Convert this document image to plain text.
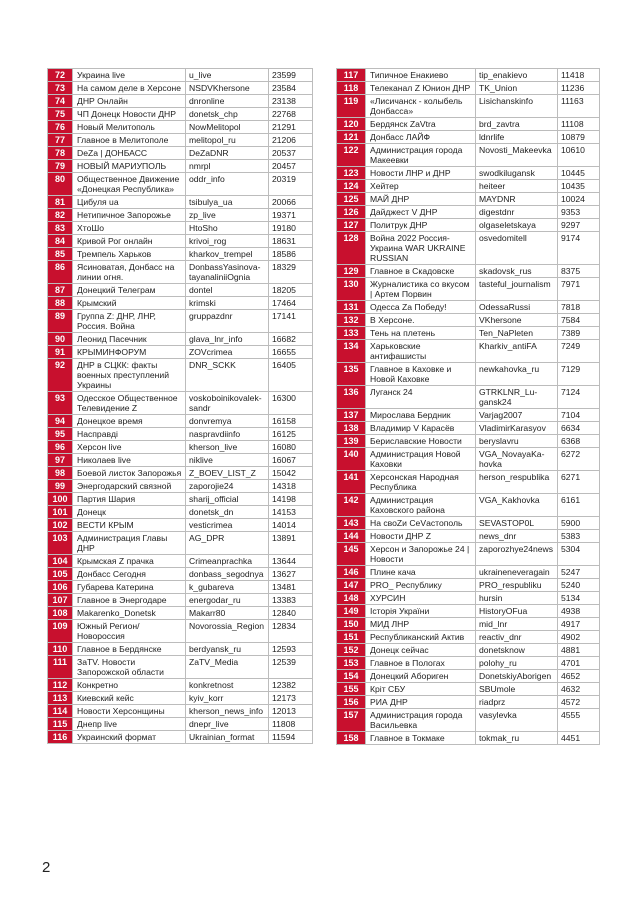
72	Украина live	u_live	23599
73	На самом деле в Херсоне	NSDVKhersone	23584
74	ДНР Онлайн	dnronline	23138
75	ЧП Донецк Новости ДНР	donetsk_chp	22768
76	Новый Мелитополь	NowMelitopol	21291
77	Главное в Мелитополе	melitopol_ru	21206
78	DeZa | ДОНБАСС	DeZaDNR	20537
79	НОВЫЙ МАРИУПОЛЬ	nmrpl	20457
80	Общественное Движение «Донецкая Республика»	oddr_info	20319
81	Цибуля ua	tsibulya_ua	20066
82	Нетипичное Запорожье	zp_live	19371
83	ХтоШо	HtoSho	19180
84	Кривой Рог онлайн	krivoi_rog	18631
85	Тремпель Харьков	kharkov_trempel	18586
86	Ясиноватая, Донбасс на линии огня.	DonbassYasinova-tayanaliniiOgnia	18329
87	Донецкий Телеграм	dontel	18205
88	Крымский	krimski	17464
89	Группа Z: ДНР, ЛНР, Россия. Война	gruppazdnr	17141
90	Леонид Пасечник	glava_lnr_info	16682
91	КРЫМИНФОРУМ	ZOVcrimea	16655
92	ДНР в СЦКК: факты военных преступлений Украины	DNR_SCKK	16405
93	Одесское Общественное Телевидение Z	voskoboinikovalek-sandr	16300
94	Донецкое время	donvremya	16158
95	Насправді	naspravdiinfo	16125
96	Херсон live	kherson_live	16080
97	Николаев live	niklive	16067
98	Боевой листок Запорожья	Z_BOEV_LIST_Z	15042
99	Энергодарский связной	zaporojie24	14318
100	Партия Шария	sharij_official	14198
101	Донецк	donetsk_dn	14153
102	ВЕСТИ КРЫМ	vesticrimea	14014
103	Администрация Главы ДНР	AG_DPR	13891
104	Крымская Z прачка	Crimeanprachka	13644
105	Донбасс Сегодня	donbass_segodnya	13627
106	Губарева Катерина	k_gubareva	13481
107	Главное в Энергодаре	energodar_ru	13383
108	Makarenko_Donetsk	Makarr80	12840
109	Южный Регион/ Новоросcия	Novorossia_Region	12834
110	Главное в Бердянске	berdyansk_ru	12593
111	ЗаTV. Новости Запорожской области	ZaTV_Media	12539
112	Конкретно	konkretnost	12382
113	Киевский кейс	kyiv_korr	12173
114	Новости Херсонщины	kherson_news_info	12013
115	Днепр live	dnepr_live	11808
116	Украинский формат	Ukrainian_format	11594
117	Типичное Енакиево	tip_enakievo	11418
118	Телеканал Z Юнион ДНР	TK_Union	11236
119	«Лисичанск - колыбель Донбасса»	Lisichanskinfo	11163
120	Бердянск ZаVtra	brd_zavtra	11108
121	Донбасс ЛАЙФ	ldnrlife	10879
122	Администрация города Макеевки	Novosti_Makeevka	10610
123	Новости ЛНР и ДНР	swodkilugansk	10445
124	Хейтер	heiteer	10435
125	МАЙ ДНР	MAYDNR	10024
126	Дайджест V ДНР	digestdnr	9353
127	Политрук ДНР	olgaseletskaya	9297
128	Война 2022 Россия-Украина WAR UKRAINE RUSSIAN	osvedomitell	9174
129	Главное в Скадовске	skadovsk_rus	8375
130	Журналистика со вкусом | Артем Порвин	tasteful_journalism	7971
131	Одесса Za Победу!	OdessaRussi	7818
132	В Херсоне.	VKhersone	7584
133	Тень на плетень	Ten_NaPleten	7389
134	Харьковские антифашисты	Kharkiv_antiFA	7249
135	Главное в Каховке и Новой Каховке	newkahovka_ru	7129
136	Луганск 24	GTRKLNR_Lu-gansk24	7124
137	Мирослава Бердник	Varjag2007	7104
138	Владимир V Карасёв	VladimirKarasyov	6634
139	Бериславские Новости	beryslavru	6368
140	Администрация Новой Каховки	VGA_NovayaKa-hovka	6272
141	Херсонская Народная Республика	herson_respublika	6271
142	Администрация Каховского района	VGA_Kakhovka	6161
143	На своZи СеVастополь	SEVASTOP0L	5900
144	Новости ДНР Z	news_dnr	5383
145	Херсон и Запорожье 24 | Новости	zaporozhye24news	5304
146	Плине кача	ukraineneveragain	5247
147	PRO_ Республику	PRO_respubliku	5240
148	ХУРСИН	hursin	5134
149	Історія України	HistoryOFua	4938
150	МИД ЛНР	mid_lnr	4917
151	Республиканский Актив	reactiv_dnr	4902
152	Донецк сейчас	donetsknow	4881
153	Главное в Пологах	polohy_ru	4701
154	Донецкий Абориген	DonetskiyAborigen	4652
155	Кріт СБУ	SBUmole	4632
156	РИА ДНР	riadprz	4572
157	Администрация города Васильевка	vasylevka	4555
158	Главное в Токмаке	tokmak_ru	4451
2
